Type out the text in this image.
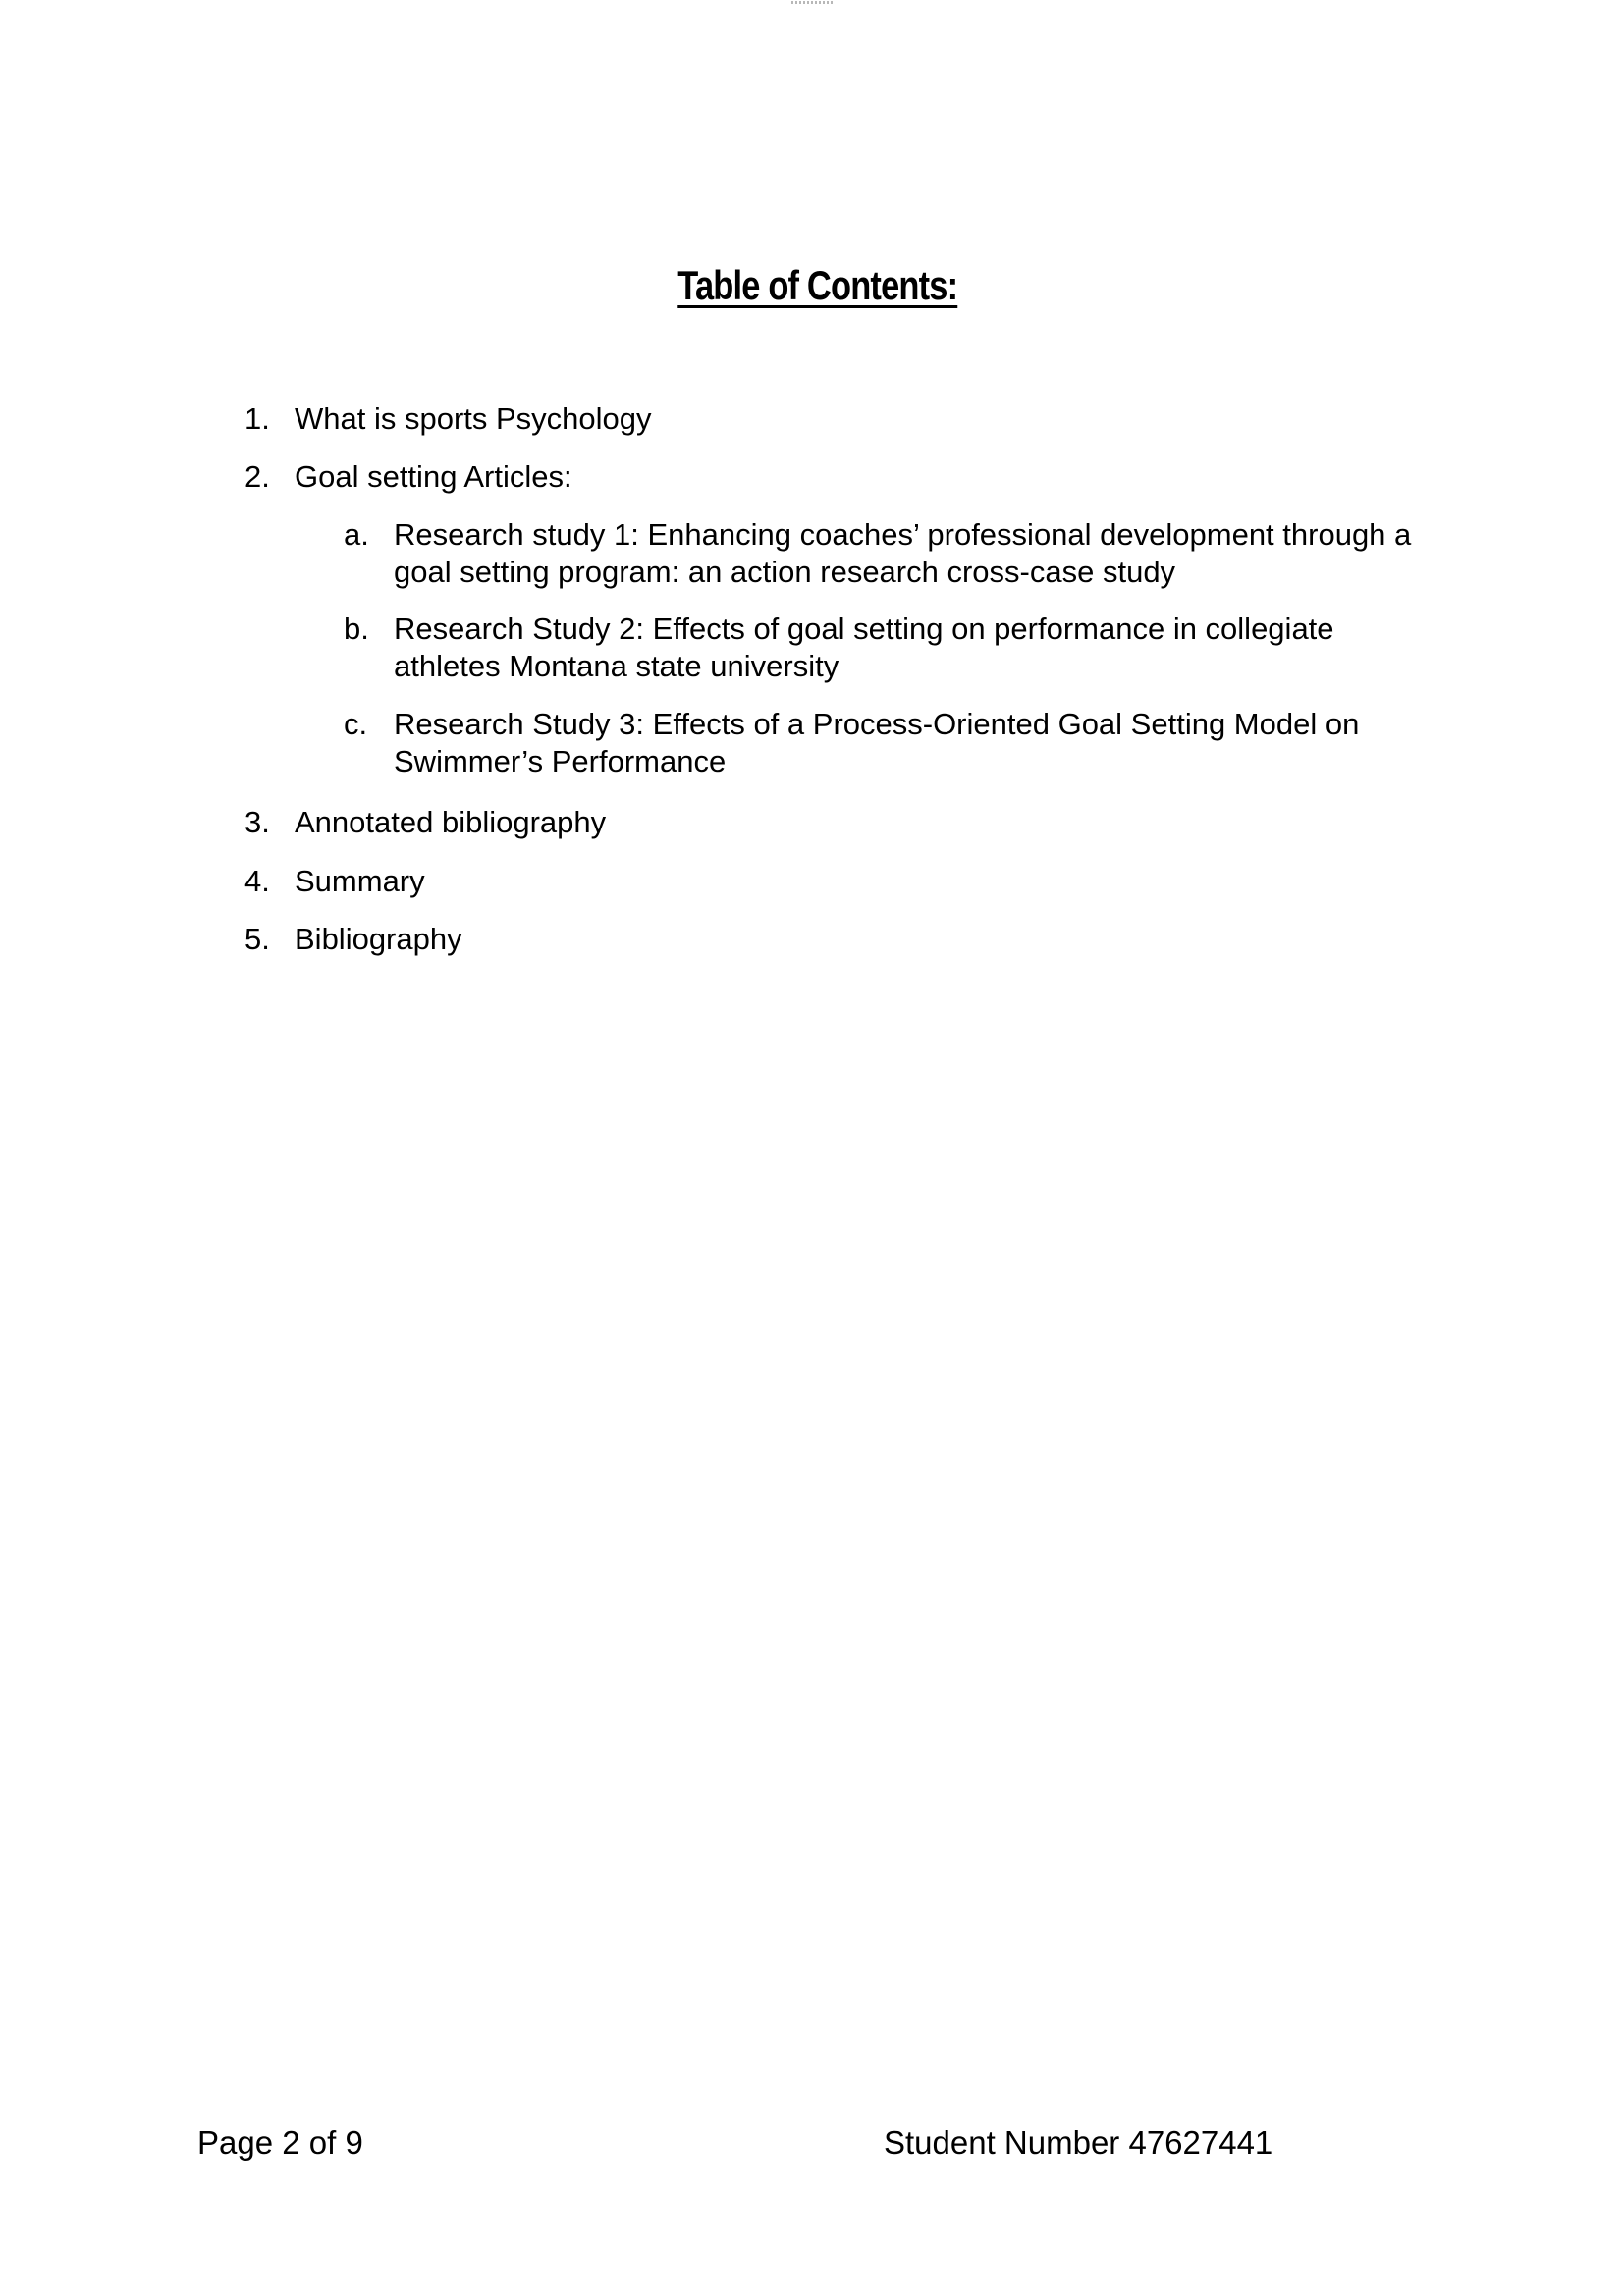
Table of Contents:
1. What is sports Psychology
2. Goal setting Articles:
a. Research study 1: Enhancing coaches’ professional development through a
goal setting program: an action research cross-case study
b. Research Study 2: Effects of goal setting on performance in collegiate
athletes Montana state university
c. Research Study 3: Effects of a Process-Oriented Goal Setting Model on
Swimmer’s Performance
3. Annotated bibliography
4. Summary
5. Bibliography
Page 2 of 9	Student Number 47627441
